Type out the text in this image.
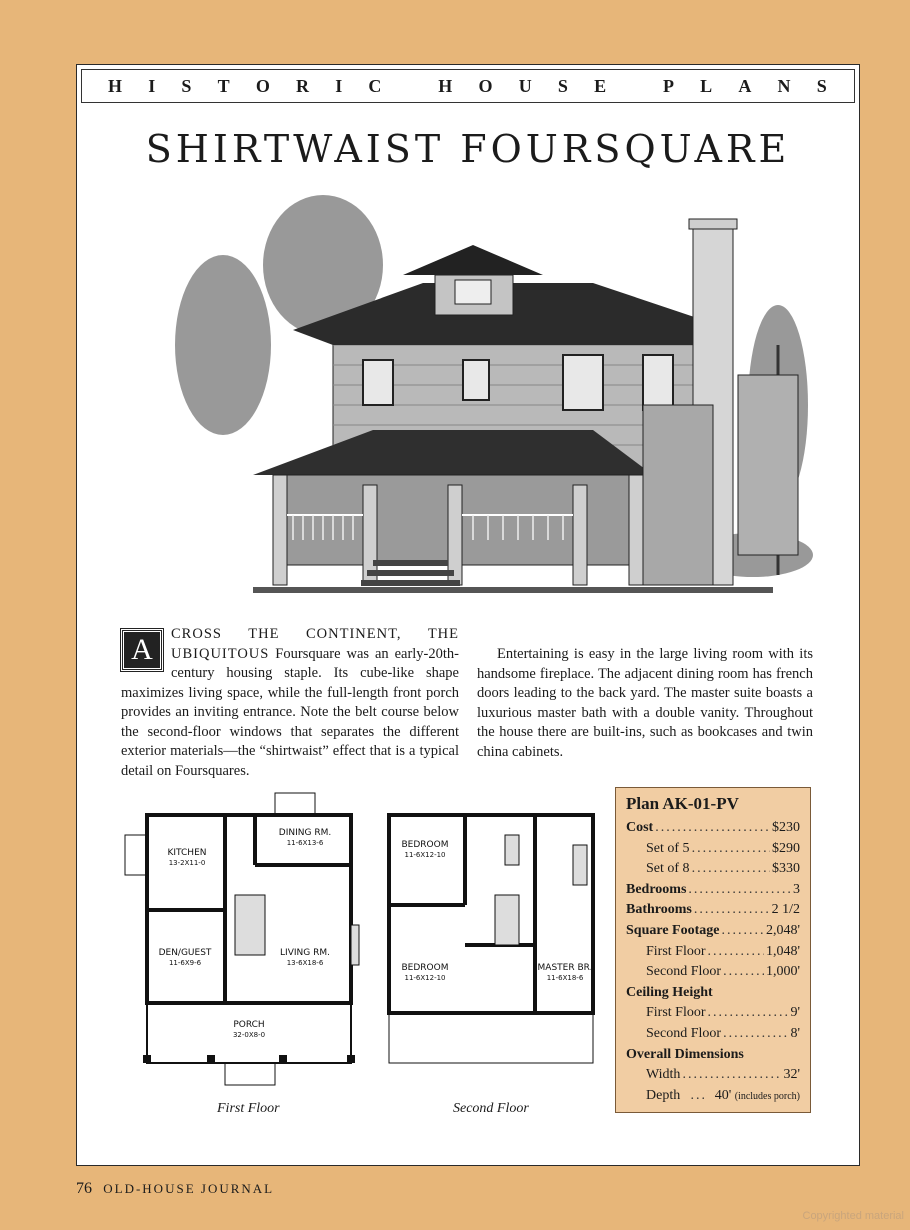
H I S T O R I C
	H O U S E
	P L A N S
SHIRTWAIST FOURSQUARE
A	CROSS THE CONTINENT, THE UBIQUITOUS Foursquare was an early-20th-century housing staple. Its cube-like shape maximizes living space, while the full-length front porch provides an inviting entrance. Note the belt course below the second-floor windows that separates the different exterior materials—the “shirtwaist” effect that is a typical detail on Foursquares.
Entertaining is easy in the large living room with its handsome fireplace. The adjacent dining room has french doors leading to the back yard. The master suite boasts a luxurious master bath with a double vanity. Throughout the house there are built-ins, such as bookcases and twin china cabinets.
KITCHEN
13-2X11-0
DINING RM.
11-6X13-6
DEN/GUEST
11-6X9-6
LIVING RM.
13-6X18-6
PORCH
32-0X8-0
BEDROOM
11-6X12-10
BEDROOM
11-6X12-10
MASTER BR.
11-6X18-6
First Floor	Second Floor
Plan AK-01-PV
Cost .....	$230
Set of 5 .....	$290
Set of 8 .....	$330
Bedrooms .....	3
Bathrooms .....	2 1/2
Square Footage .....	2,048'
First Floor .....	1,048'
Second Floor .....	1,000'
Ceiling Height
First Floor .....	9'
Second Floor .....	8'
Overall Dimensions
Width .....	32'
Depth ..... 40' (includes porch)
76 OLD-HOUSE JOURNAL
Copyrighted material
